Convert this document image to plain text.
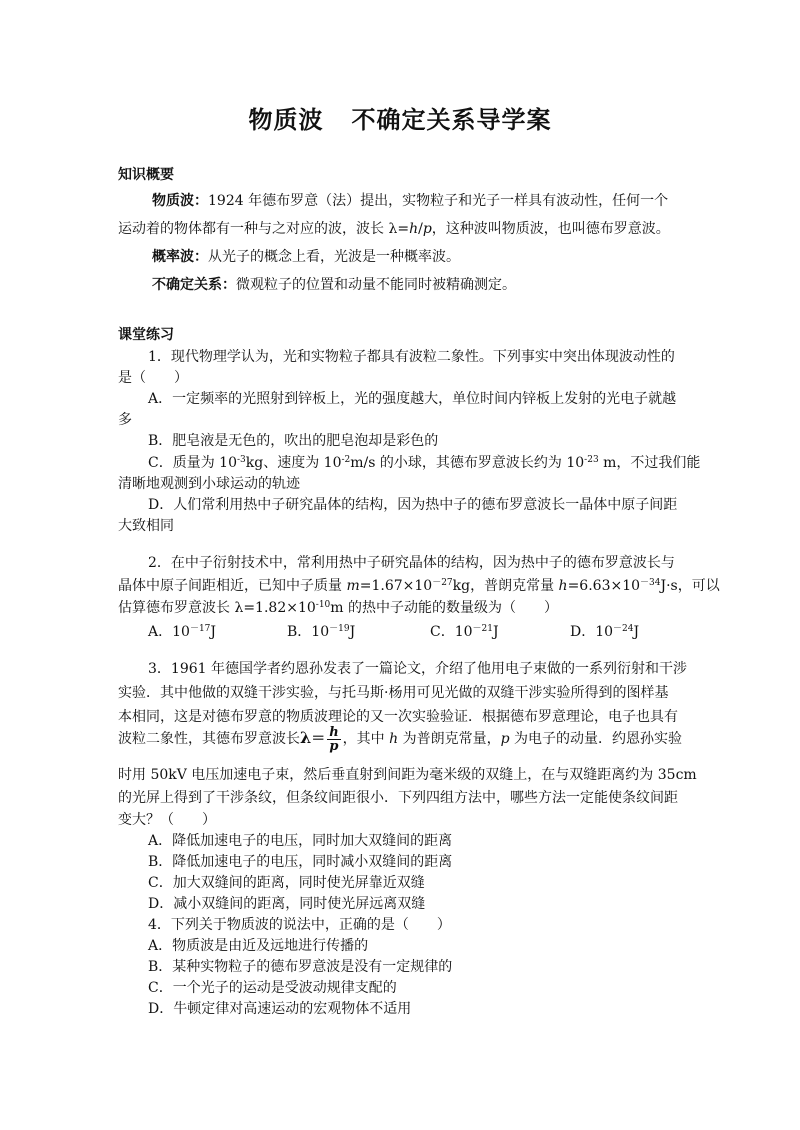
物质波 不确定关系导学案
知识概要
物质波：1924 年德布罗意（法）提出，实物粒子和光子一样具有波动性，任何一个
运动着的物体都有一种与之对应的波，波长 λ=h/p，这种波叫物质波，也叫德布罗意波。
概率波：从光子的概念上看，光波是一种概率波。
不确定关系：微观粒子的位置和动量不能同时被精确测定。
课堂练习
1．现代物理学认为，光和实物粒子都具有波粒二象性。下列事实中突出体现波动性的
是（　　）
A．一定频率的光照射到锌板上，光的强度越大，单位时间内锌板上发射的光电子就越
多
B．肥皂液是无色的，吹出的肥皂泡却是彩色的
C．质量为 $10^{-3}kg$、速度为 $10^{-2}m/s$ 的小球，其德布罗意波长约为 $10^{-23}$ m，不过我们能
清晰地观测到小球运动的轨迹
D．人们常利用热中子研究晶体的结构，因为热中子的德布罗意波长一晶体中原子间距
大致相同
2．在中子衍射技术中，常利用热中子研究晶体的结构，因为热中子的德布罗意波长与
晶体中原子间距相近，已知中子质量 $m=1.67\times 10^{-27}kg$，普朗克常量 $h=6.63\times 10^{-34}J\cdot s$，可以
估算德布罗意波长 $\lambda=1.82\times 10^{-10}m$ 的热中子动能的数量级为（　　）
A．$10^{-17}J$	B．$10^{-19}J$	C．$10^{-21}J$	D．$10^{-24}J$
3．1961 年德国学者约恩孙发表了一篇论文，介绍了他用电子束做的一系列衍射和干涉
实验．其中他做的双缝干涉实验，与托马斯·杨用可见光做的双缝干涉实验所得到的图样基
本相同，这是对德布罗意的物质波理论的又一次实验验证．根据德布罗意理论，电子也具有
波粒二象性，其德布罗意波长$\lambda= \frac{h}{p}$ ，其中 h 为普朗克常量，p 为电子的动量．约恩孙实验
时用 50kV 电压加速电子束，然后垂直射到间距为毫米级的双缝上，在与双缝距离约为 35cm
的光屏上得到了干涉条纹，但条纹间距很小．下列四组方法中，哪些方法一定能使条纹间距
变大？（　　）
A．降低加速电子的电压，同时加大双缝间的距离
B．降低加速电子的电压，同时减小双缝间的距离
C．加大双缝间的距离，同时使光屏靠近双缝
D．减小双缝间的距离，同时使光屏远离双缝
4．下列关于物质波的说法中，正确的是（　　）
A．物质波是由近及远地进行传播的
B．某种实物粒子的德布罗意波是没有一定规律的
C．一个光子的运动是受波动规律支配的
D．牛顿定律对高速运动的宏观物体不适用
